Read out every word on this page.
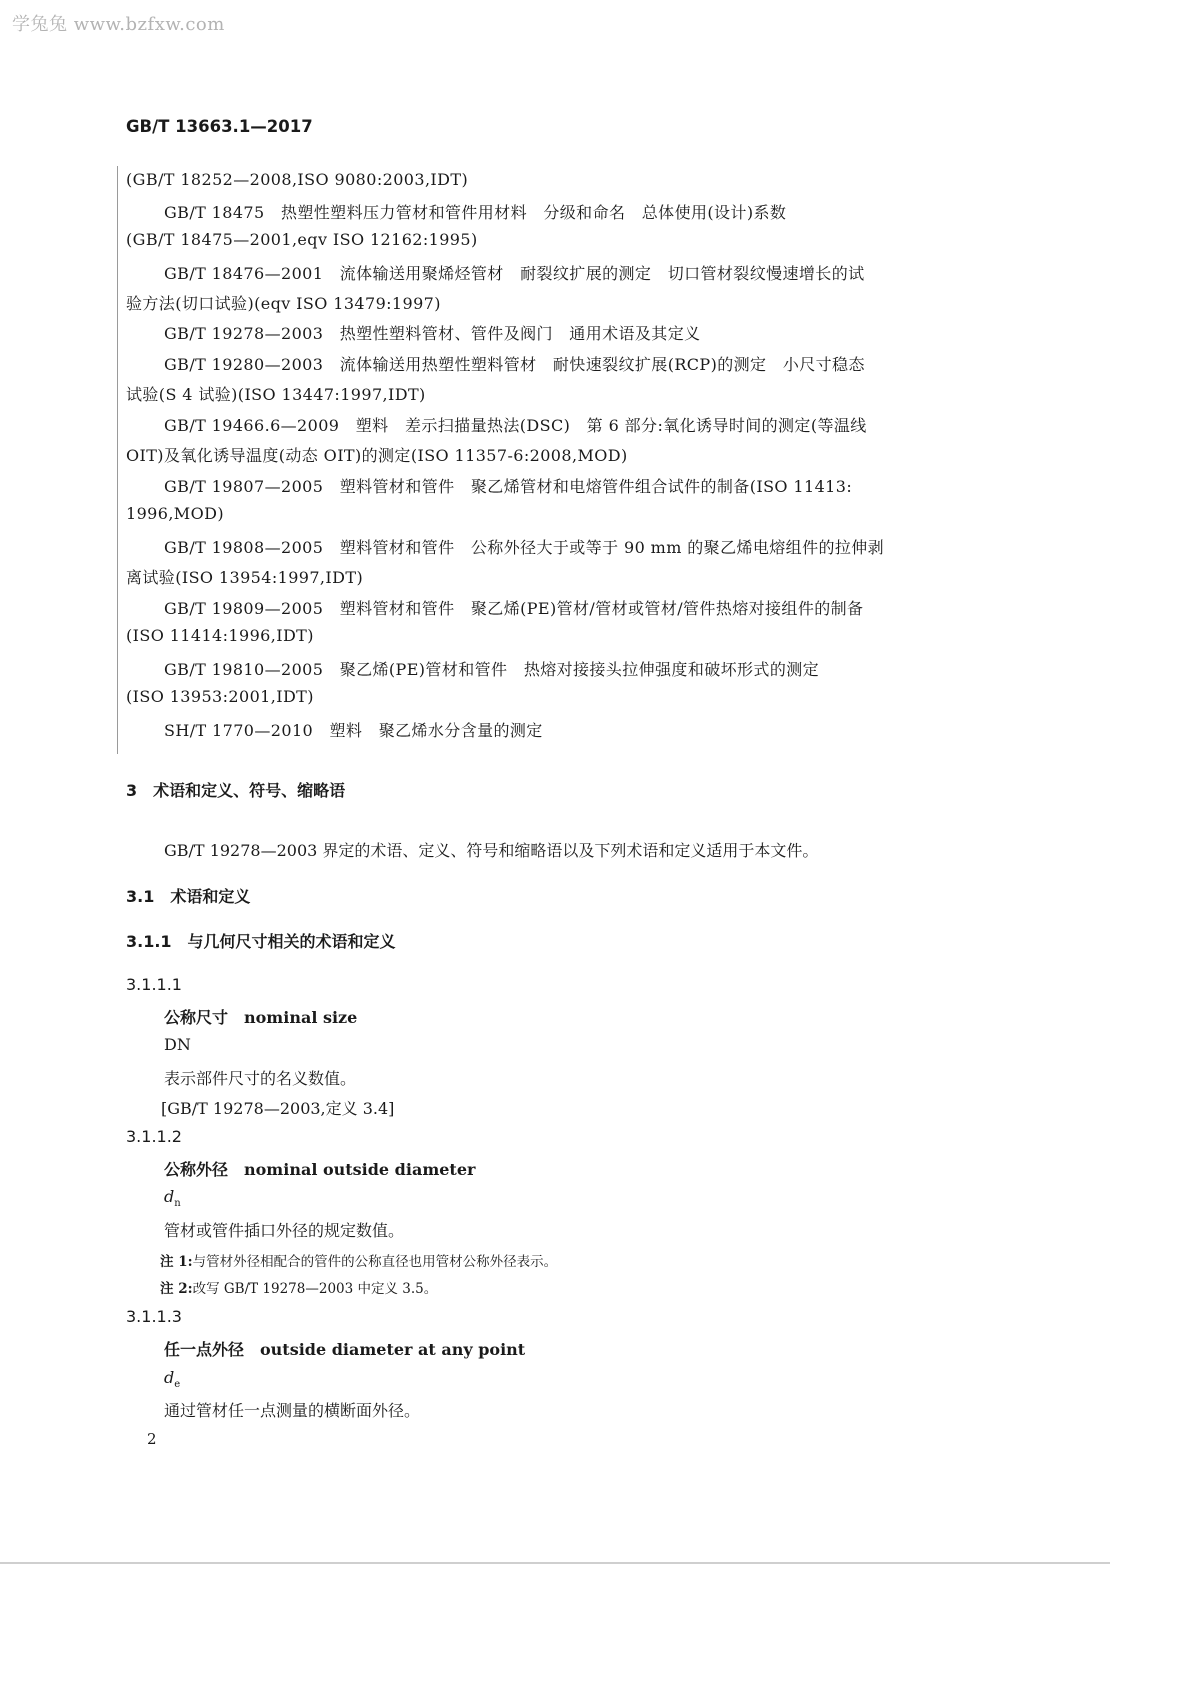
学兔兔 www.bzfxw.com
GB/T 13663.1—2017
(GB/T 18252—2008,ISO 9080:2003,IDT)
GB/T 18475　热塑性塑料压力管材和管件用材料　分级和命名　总体使用(设计)系数
(GB/T 18475—2001,eqv ISO 12162:1995)
GB/T 18476—2001　流体输送用聚烯烃管材　耐裂纹扩展的测定　切口管材裂纹慢速增长的试
验方法(切口试验)(eqv ISO 13479:1997)
GB/T 19278—2003　热塑性塑料管材、管件及阀门　通用术语及其定义
GB/T 19280—2003　流体输送用热塑性塑料管材　耐快速裂纹扩展(RCP)的测定　小尺寸稳态
试验(S 4 试验)(ISO 13447:1997,IDT)
GB/T 19466.6—2009　塑料　差示扫描量热法(DSC)　第 6 部分:氧化诱导时间的测定(等温线
OIT)及氧化诱导温度(动态 OIT)的测定(ISO 11357-6:2008,MOD)
GB/T 19807—2005　塑料管材和管件　聚乙烯管材和电熔管件组合试件的制备(ISO 11413:
1996,MOD)
GB/T 19808—2005　塑料管材和管件　公称外径大于或等于 90 mm 的聚乙烯电熔组件的拉伸剥
离试验(ISO 13954:1997,IDT)
GB/T 19809—2005　塑料管材和管件　聚乙烯(PE)管材/管材或管材/管件热熔对接组件的制备
(ISO 11414:1996,IDT)
GB/T 19810—2005　聚乙烯(PE)管材和管件　热熔对接接头拉伸强度和破坏形式的测定
(ISO 13953:2001,IDT)
SH/T 1770—2010　塑料　聚乙烯水分含量的测定
3　术语和定义、符号、缩略语
GB/T 19278—2003 界定的术语、定义、符号和缩略语以及下列术语和定义适用于本文件。
3.1　术语和定义
3.1.1　与几何尺寸相关的术语和定义
3.1.1.1
公称尺寸　nominal size
DN
表示部件尺寸的名义数值。
[GB/T 19278—2003,定义 3.4]
3.1.1.2
公称外径　nominal outside diameter
$d_n$
管材或管件插口外径的规定数值。
注 1:与管材外径相配合的管件的公称直径也用管材公称外径表示。
注 2:改写 GB/T 19278—2003 中定义 3.5。
3.1.1.3
任一点外径　outside diameter at any point
$d_e$
通过管材任一点测量的横断面外径。
2
